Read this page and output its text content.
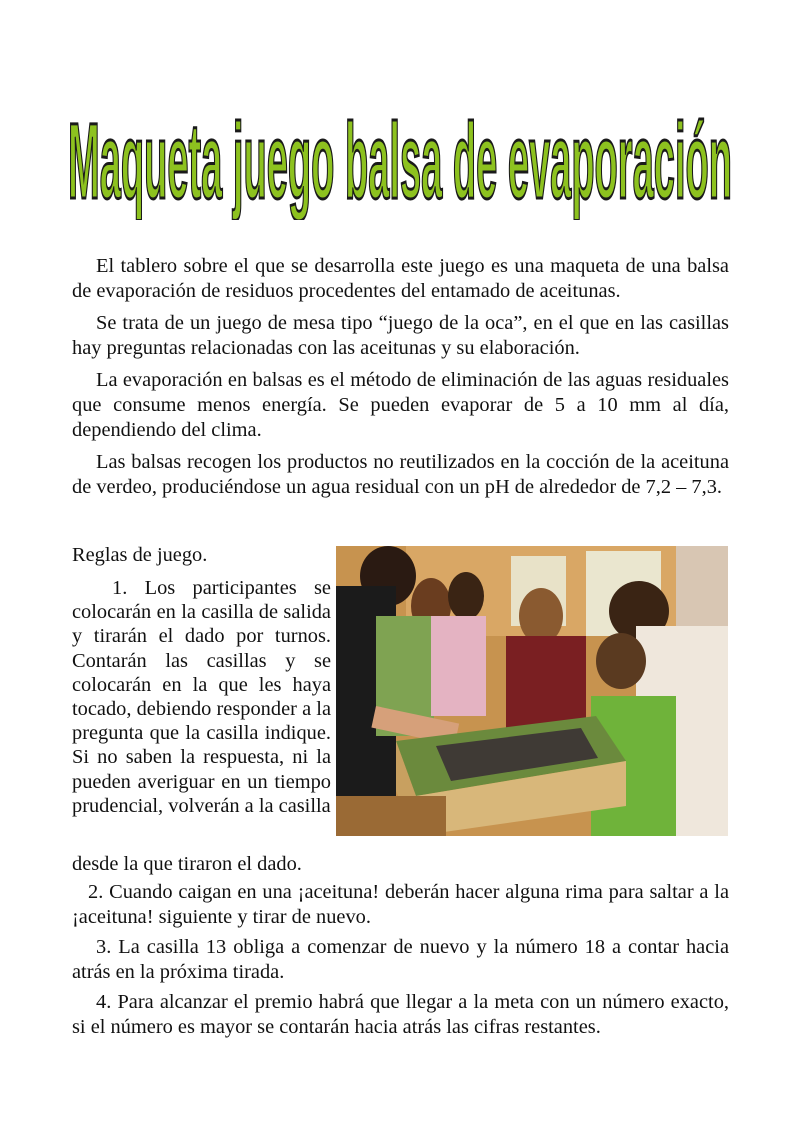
Maqueta juego balsa de evaporación

El tablero sobre el que se desarrolla este juego es una maqueta de una balsa de evaporación de residuos procedentes del entamado de aceitunas.

Se trata de un juego de mesa tipo “juego de la oca”, en el que en las casillas hay preguntas relacionadas con las aceitunas y su elaboración.

La evaporación en balsas es el método de eliminación de las aguas residuales que consume menos energía. Se pueden evaporar de 5 a 10 mm al día, dependiendo del clima.

Las balsas recogen los productos no reutilizados en la cocción de la aceituna de verdeo, produciéndose un agua residual con un pH de alrededor de 7,2 – 7,3.

Reglas de juego.

1. Los participantes se colocarán en la casilla de salida y tirarán el dado por turnos. Contarán las casillas y se colocarán en la que les haya tocado, debiendo responder a la pregunta que la casilla indique. Si no saben la respuesta, ni la pueden averiguar en un tiempo prudencial, volverán a la casilla

desde la que tiraron el dado.

2. Cuando caigan en una ¡aceituna! deberán hacer alguna rima para saltar a la ¡aceituna! siguiente y tirar de nuevo.

3. La casilla 13 obliga a comenzar de nuevo y la número 18 a contar hacia atrás en la próxima tirada.

4. Para alcanzar el premio habrá que llegar a la meta con un número exacto, si el número es mayor se contarán hacia atrás las cifras restantes.
